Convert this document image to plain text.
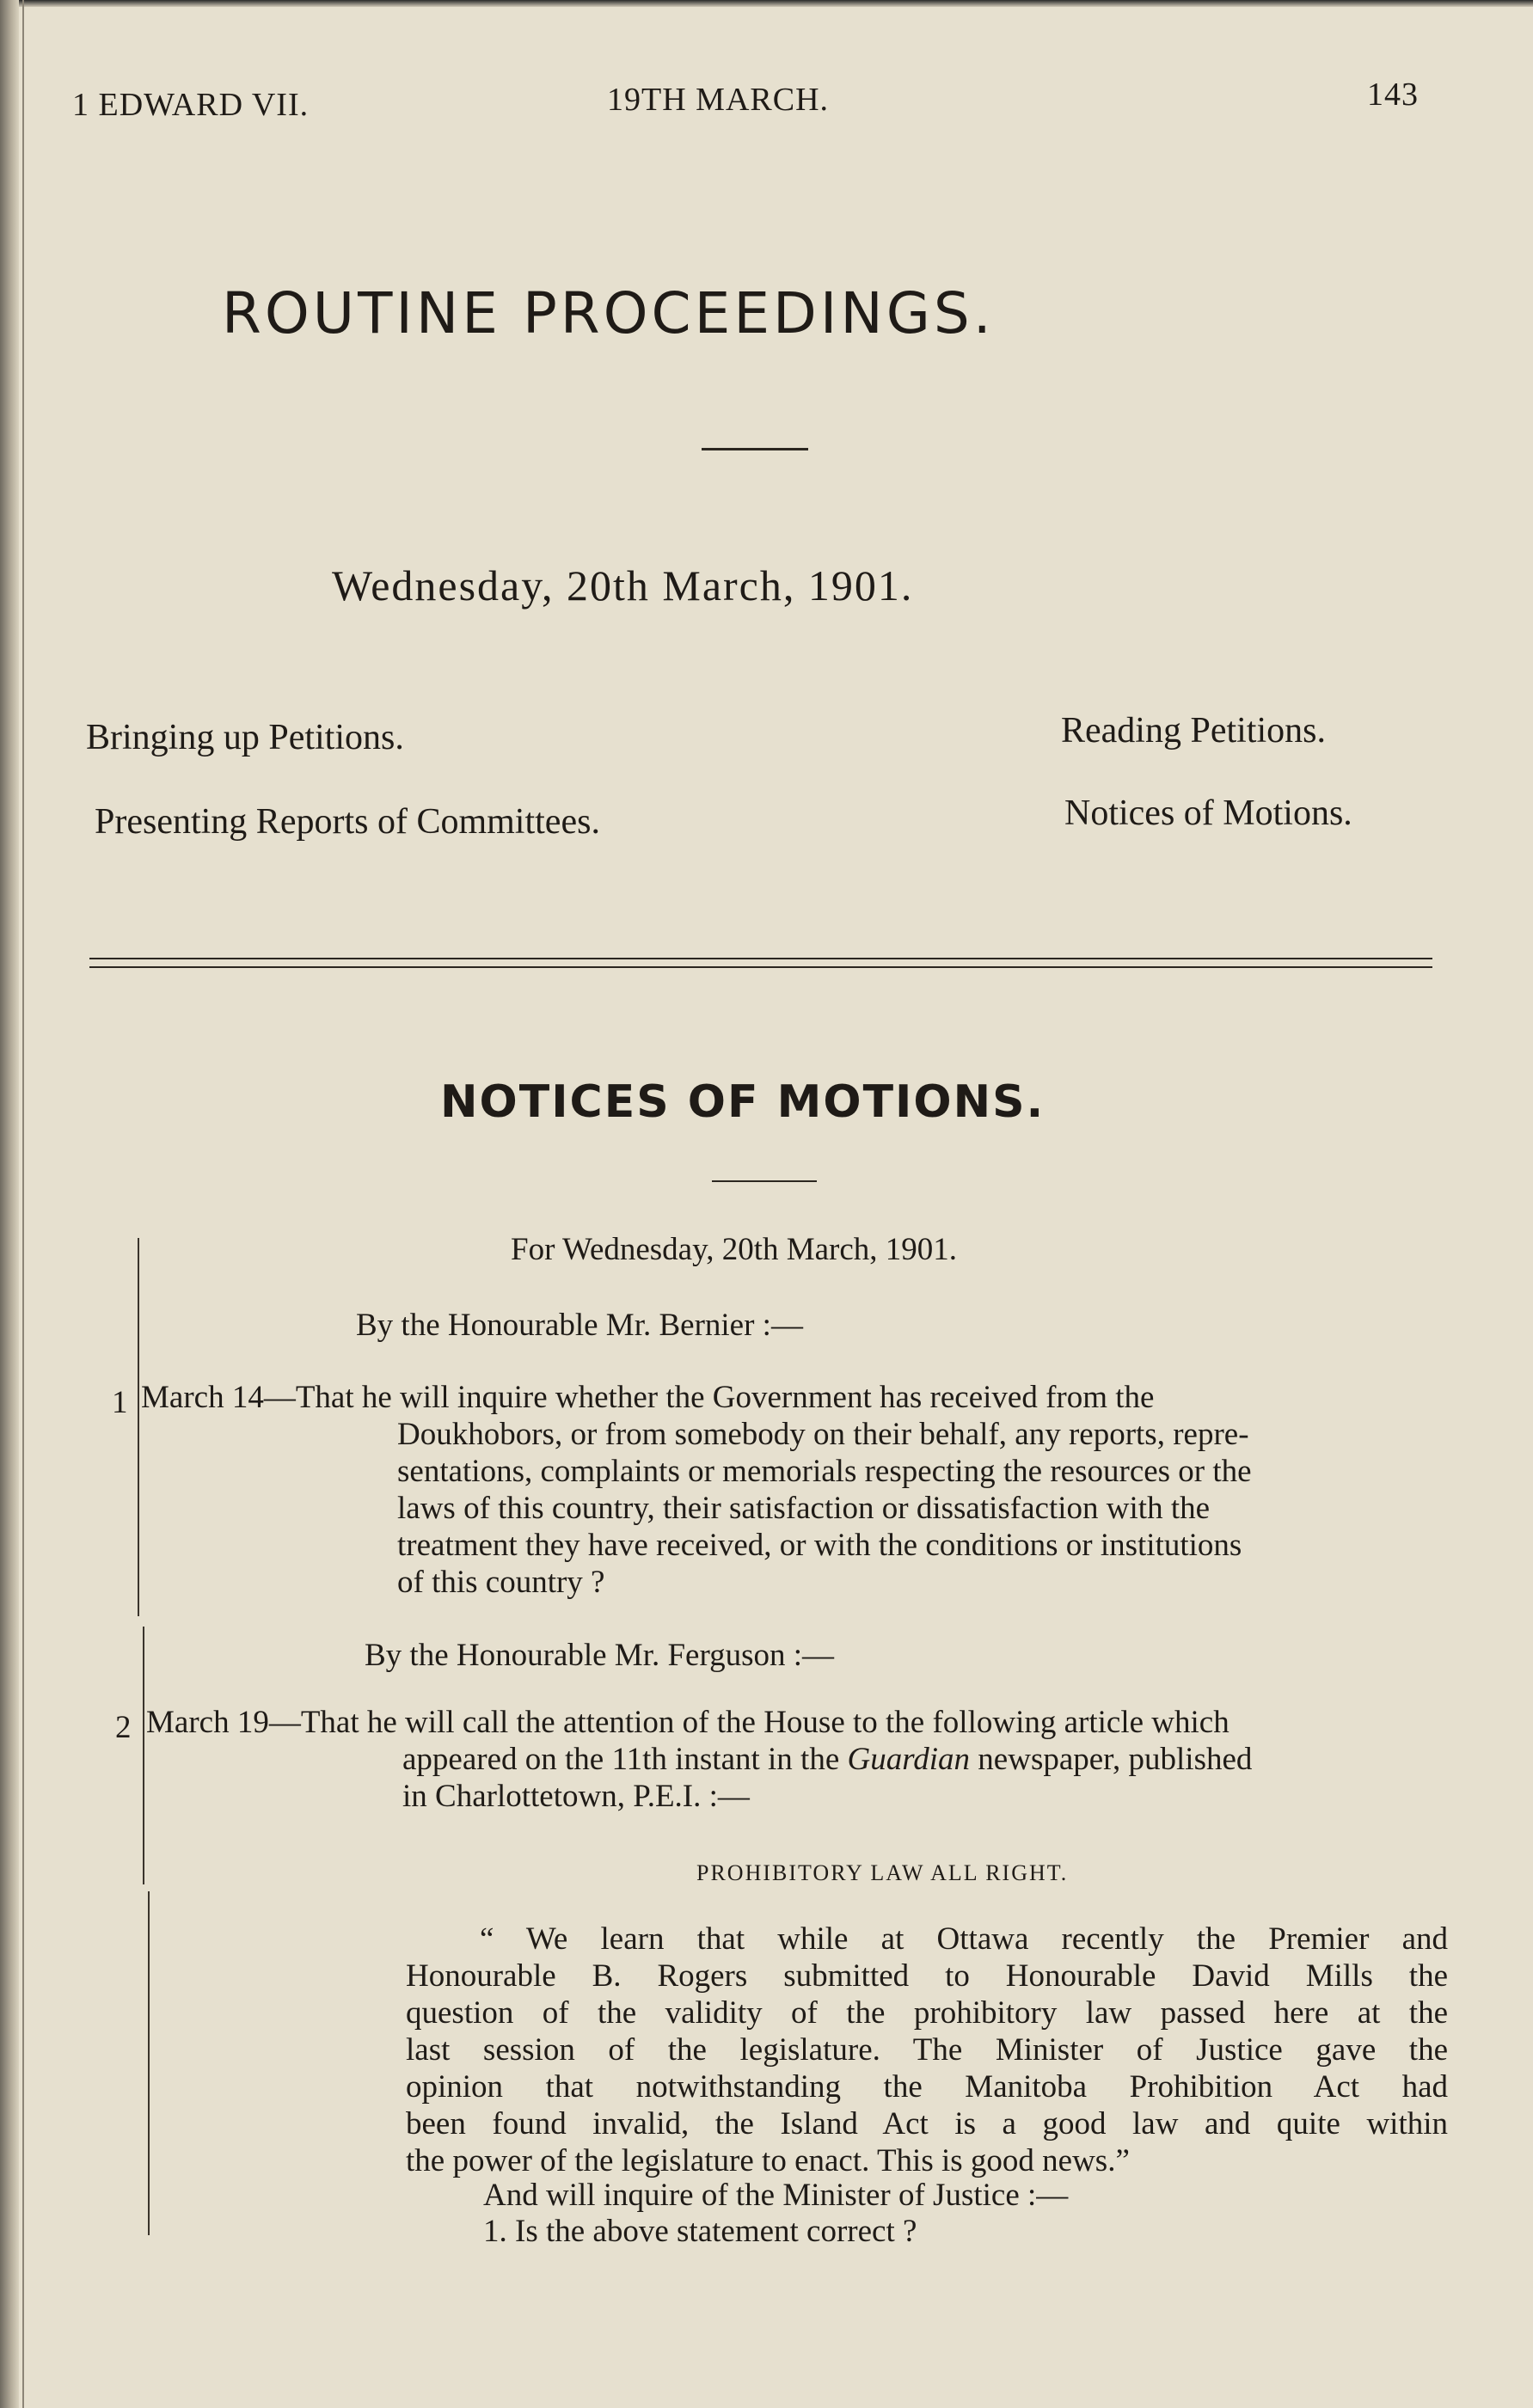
1 EDWARD VII.	19TH MARCH.	143
ROUTINE PROCEEDINGS.
Wednesday, 20th March, 1901.
Bringing up Petitions.	Reading Petitions.
Presenting Reports of Committees.	Notices of Motions.
NOTICES OF MOTIONS.
For Wednesday, 20th March, 1901.
By the Honourable Mr. Bernier :—
1 March 14—That he will inquire whether the Government has received from the
Doukhobors, or from somebody on their behalf, any reports, repre-
sentations, complaints or memorials respecting the resources or the
laws of this country, their satisfaction or dissatisfaction with the
treatment they have received, or with the conditions or institutions
of this country ?
By the Honourable Mr. Ferguson :—
2 March 19—That he will call the attention of the House to the following article which
appeared on the 11th instant in the Guardian newspaper, published
in Charlottetown, P.E.I. :—
PROHIBITORY LAW ALL RIGHT.
“ We learn that while at Ottawa recently the Premier and
Honourable B. Rogers submitted to Honourable David Mills the
question of the validity of the prohibitory law passed here at the
last session of the legislature. The Minister of Justice gave the
opinion that notwithstanding the Manitoba Prohibition Act had
been found invalid, the Island Act is a good law and quite within
the power of the legislature to enact. This is good news.”
And will inquire of the Minister of Justice :—
1. Is the above statement correct ?
